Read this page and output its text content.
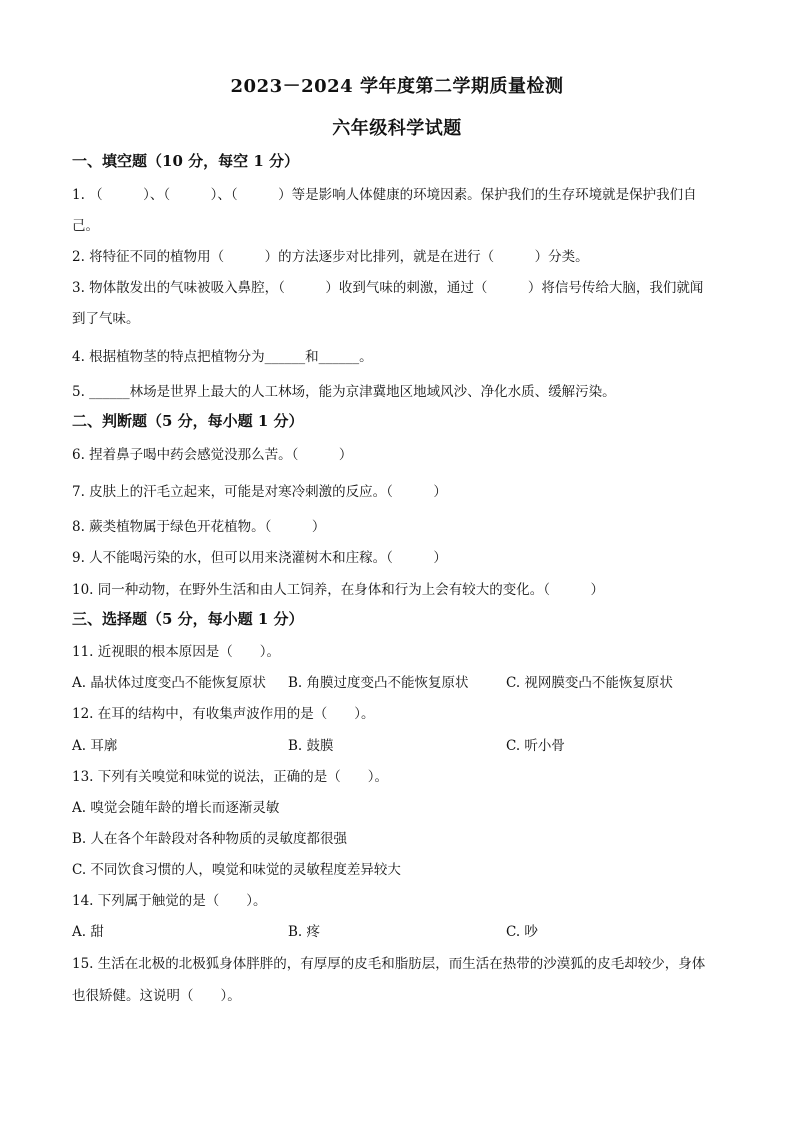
2023－2024 学年度第二学期质量检测
六年级科学试题
一、填空题（10 分，每空 1 分）
1. （　　　）、（　　　）、（　　　）等是影响人体健康的环境因素。保护我们的生存环境就是保护我们自
己。
2. 将特征不同的植物用（　　　）的方法逐步对比排列，就是在进行（　　　）分类。
3. 物体散发出的气味被吸入鼻腔，（　　　）收到气味的刺激，通过（　　　）将信号传给大脑，我们就闻
到了气味。
4. 根据植物茎的特点把植物分为______和______。
5. ______林场是世界上最大的人工林场，能为京津冀地区地域风沙、净化水质、缓解污染。
二、判断题（5 分，每小题 1 分）
6. 捏着鼻子喝中药会感觉没那么苦。（　　　）
7. 皮肤上的汗毛立起来，可能是对寒冷刺激的反应。（　　　）
8. 蕨类植物属于绿色开花植物。（　　　）
9. 人不能喝污染的水，但可以用来浇灌树木和庄稼。（　　　）
10. 同一种动物，在野外生活和由人工饲养，在身体和行为上会有较大的变化。（　　　）
三、选择题（5 分，每小题 1 分）
11. 近视眼的根本原因是（　　）。
A. 晶状体过度变凸不能恢复原状 B. 角膜过度变凸不能恢复原状	C. 视网膜变凸不能恢复原状
12. 在耳的结构中，有收集声波作用的是（　　）。
A. 耳廓	B. 鼓膜	C. 听小骨
13. 下列有关嗅觉和味觉的说法，正确的是（　　）。
A. 嗅觉会随年龄的增长而逐渐灵敏
B. 人在各个年龄段对各种物质的灵敏度都很强
C. 不同饮食习惯的人，嗅觉和味觉的灵敏程度差异较大
14. 下列属于触觉的是（　　）。
A. 甜	B. 疼	C. 吵
15. 生活在北极的北极狐身体胖胖的，有厚厚的皮毛和脂肪层，而生活在热带的沙漠狐的皮毛却较少，身体
也很矫健。这说明（　　）。
